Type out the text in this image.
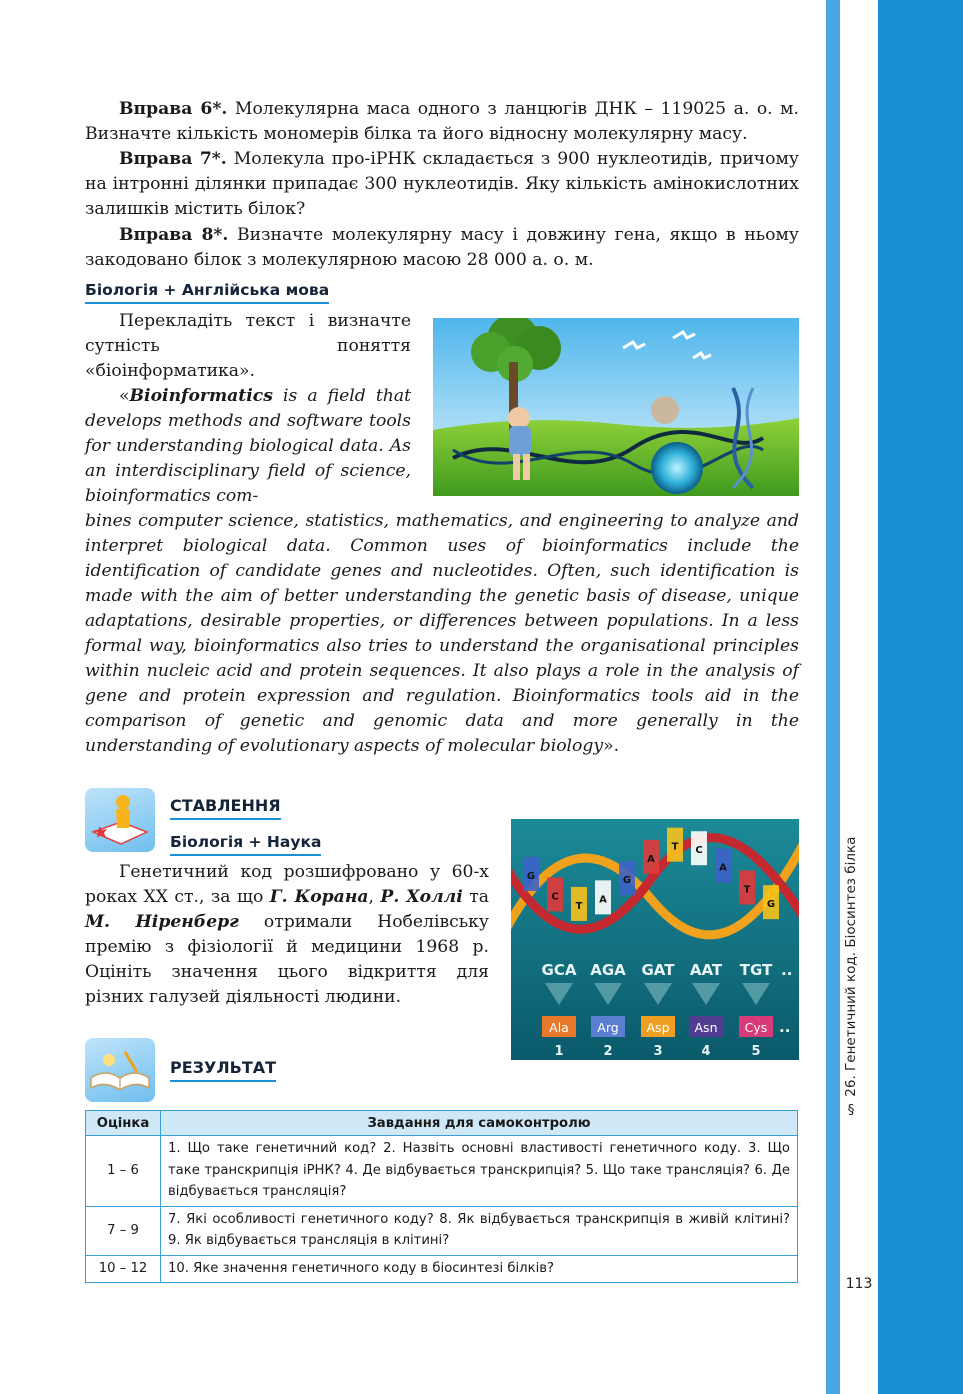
§ 26. Генетичний код. Біосинтез білка
113
Вправа 6*. Молекулярна маса одного з ланцюгів ДНК – 119025 а. о. м. Визначте кількість мономерів білка та його відносну молекулярну масу.
Вправа 7*. Молекула про-іРНК складається з 900 нуклеотидів, причому на інтронні ділянки припадає 300 нуклеотидів. Яку кількість амінокислотних залишків містить білок?
Вправа 8*. Визначте молекулярну масу і довжину гена, якщо в ньому закодовано білок з молекулярною масою 28 000 а. о. м.
Біологія + Англійська мова
Перекладіть текст і визначте сутність поняття «біоінформатика».
«Bioinformatics is a field that develops methods and software tools for understanding biological data. As an interdisciplinary field of science, bioinformatics com-
bines computer science, statistics, mathematics, and engineering to analyze and interpret biological data. Common uses of bioinformatics include the identification of candidate genes and nucleotides. Often, such identification is made with the aim of better understanding the genetic basis of disease, unique adaptations, desirable properties, or differences between populations. In a less formal way, bioinformatics also tries to understand the organisational principles within nucleic acid and protein sequences. It also plays a role in the analysis of gene and protein expression and regulation. Bioinformatics tools aid in the comparison of genetic and genomic data and more generally in the understanding of evolutionary aspects of molecular biology».
СТАВЛЕННЯ
Біологія + Наука
Генетичний код розшифровано у 60-х роках XX ст., за що Г. Корана, Р. Холлі та М. Ніренберг отримали Нобелівську премію з фізіології й медицини 1968 р. Оцініть значення цього відкриття для різних галузей діяльності людини.
G
C
T
A
G
A
T C
A
T
G
GCA AGA GAT AAT TGT ..
Ala
1
Arg
2
Asp
3
Asn
4
Cys
5
..
РЕЗУЛЬТАТ
Оцінка	Завдання для самоконтролю
1 – 6	1. Що таке генетичний код? 2. Назвіть основні властивості генетичного коду. 3. Що таке транскрипція іРНК? 4. Де відбувається транскрипція? 5. Що таке трансляція? 6. Де відбувається трансляція?
7 – 9	7. Які особливості генетичного коду? 8. Як відбувається транскрипція в живій клітині? 9. Як відбувається трансляція в клітині?
10 – 12	10. Яке значення генетичного коду в біосинтезі білків?
